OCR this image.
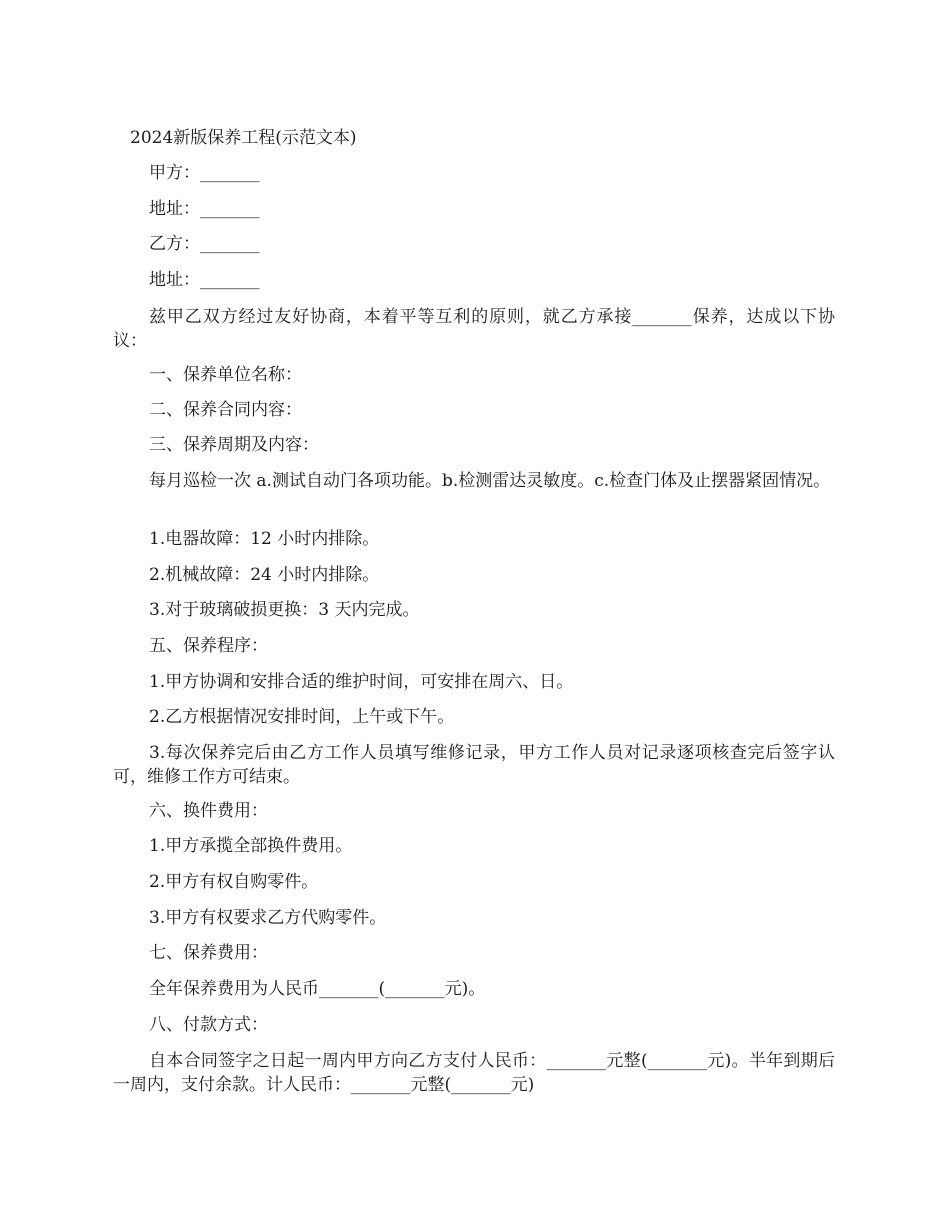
2024新版保养工程(示范文本)

甲方：_______

地址：_______

乙方：_______

地址：_______

兹甲乙双方经过友好协商，本着平等互利的原则，就乙方承接_______保养，达成以下协议：

一、保养单位名称：

二、保养合同内容：

三、保养周期及内容：

每月巡检一次 a.测试自动门各项功能。b.检测雷达灵敏度。c.检查门体及止摆器紧固情况。

1.电器故障：12 小时内排除。

2.机械故障：24 小时内排除。

3.对于玻璃破损更换：3 天内完成。

五、保养程序：

1.甲方协调和安排合适的维护时间，可安排在周六、日。

2.乙方根据情况安排时间，上午或下午。

3.每次保养完后由乙方工作人员填写维修记录，甲方工作人员对记录逐项核查完后签字认可，维修工作方可结束。

六、换件费用：

1.甲方承揽全部换件费用。

2.甲方有权自购零件。

3.甲方有权要求乙方代购零件。

七、保养费用：

全年保养费用为人民币_______(_______元)。

八、付款方式：

自本合同签字之日起一周内甲方向乙方支付人民币：_______元整(_______元)。半年到期后一周内，支付余款。计人民币：_______元整(_______元)
